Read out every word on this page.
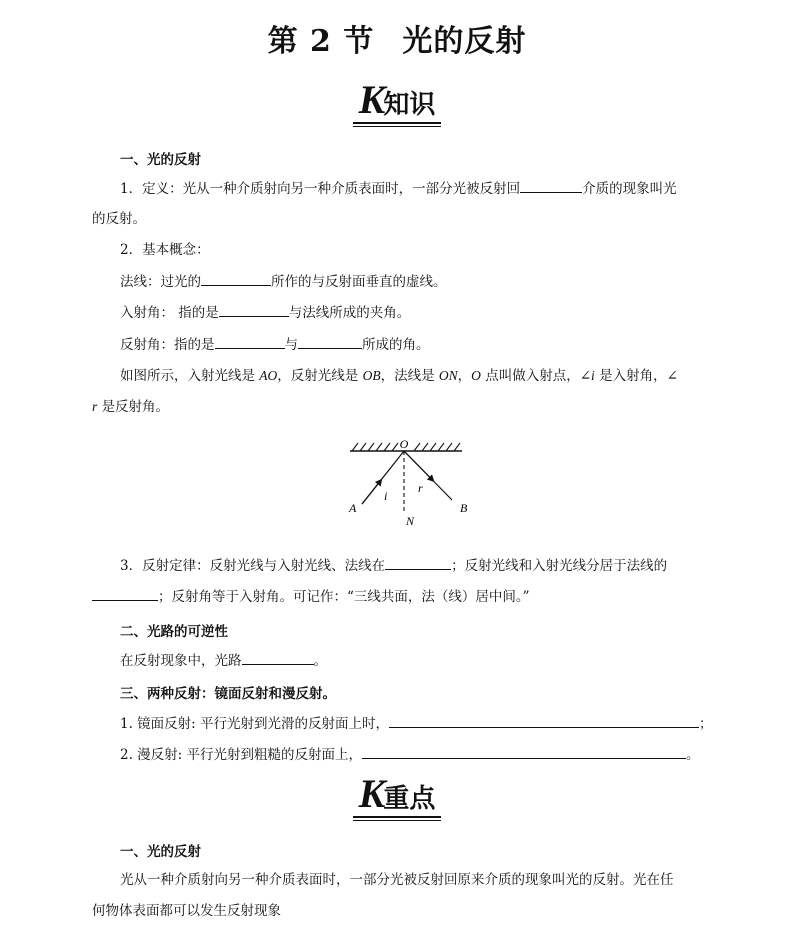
第 2 节 光的反射
K知识
一、光的反射
1．定义：光从一种介质射向另一种介质表面时，一部分光被反射回	介质的现象叫光
的反射。
2．基本概念：
法线：过光的	所作的与反射面垂直的虚线。
入射角： 指的是	与法线所成的夹角。
反射角：指的是	与	所成的角。
如图所示，入射光线是 AO，反射光线是 OB，法线是 ON，O 点叫做入射点，∠i 是入射角，∠
r 是反射角。
O
A	B
N
i
r
3．反射定律：反射光线与入射光线、法线在	；反射光线和入射光线分居于法线的
；反射角等于入射角。可记作：“三线共面，法（线）居中间。”
二、光路的可逆性
在反射现象中，光路	。
三、两种反射：镜面反射和漫反射。
1. 镜面反射: 平行光射到光滑的反射面上时，	；
2. 漫反射: 平行光射到粗糙的反射面上，	。
K重点
一、光的反射
光从一种介质射向另一种介质表面时，一部分光被反射回原来介质的现象叫光的反射。光在任
何物体表面都可以发生反射现象
